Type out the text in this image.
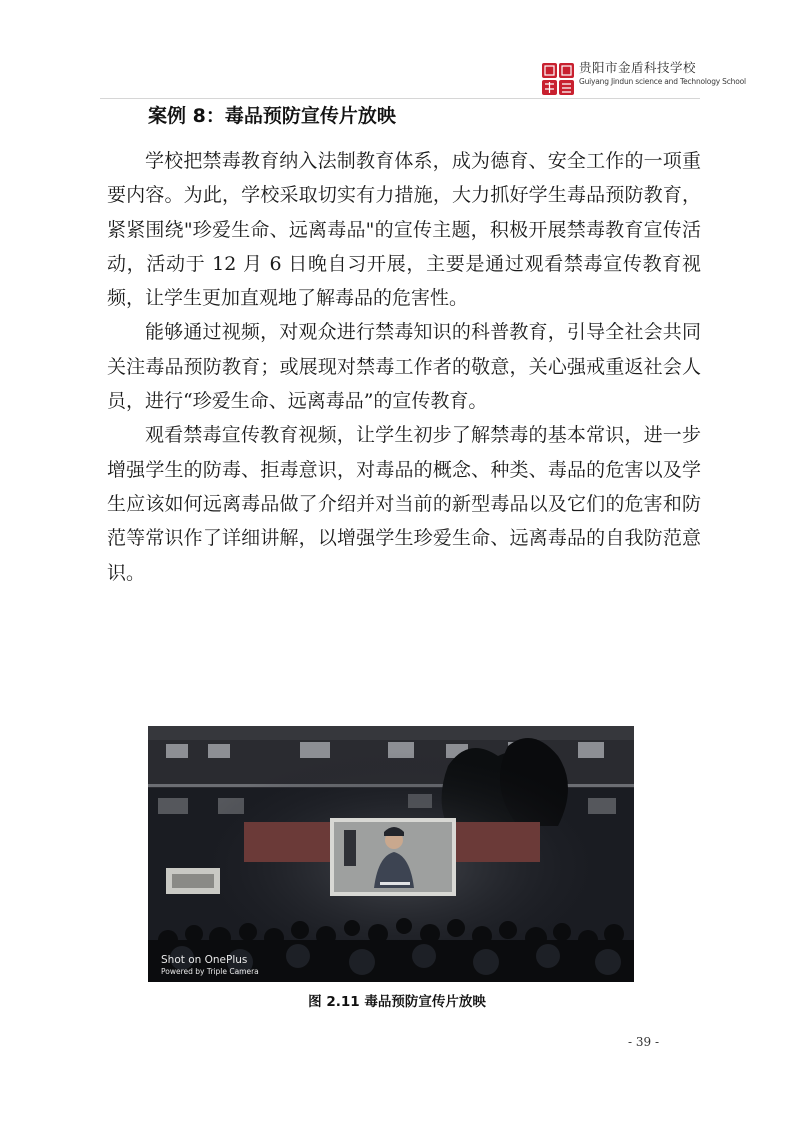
贵阳市金盾科技学校
Guiyang Jindun science and Technology School
案例 8：毒品预防宣传片放映

学校把禁毒教育纳入法制教育体系，成为德育、安全工作的一项重要内容。为此，学校采取切实有力措施，大力抓好学生毒品预防教育，紧紧围绕"珍爱生命、远离毒品"的宣传主题，积极开展禁毒教育宣传活动，活动于 12 月 6 日晚自习开展，主要是通过观看禁毒宣传教育视频，让学生更加直观地了解毒品的危害性。

能够通过视频，对观众进行禁毒知识的科普教育，引导全社会共同关注毒品预防教育；或展现对禁毒工作者的敬意，关心强戒重返社会人员，进行“珍爱生命、远离毒品”的宣传教育。

观看禁毒宣传教育视频，让学生初步了解禁毒的基本常识，进一步增强学生的防毒、拒毒意识，对毒品的概念、种类、毒品的危害以及学生应该如何远离毒品做了介绍并对当前的新型毒品以及它们的危害和防范等常识作了详细讲解，以增强学生珍爱生命、远离毒品的自我防范意识。

Shot on OnePlus
Powered by Triple Camera
图 2.11 毒品预防宣传片放映
- 39 -
